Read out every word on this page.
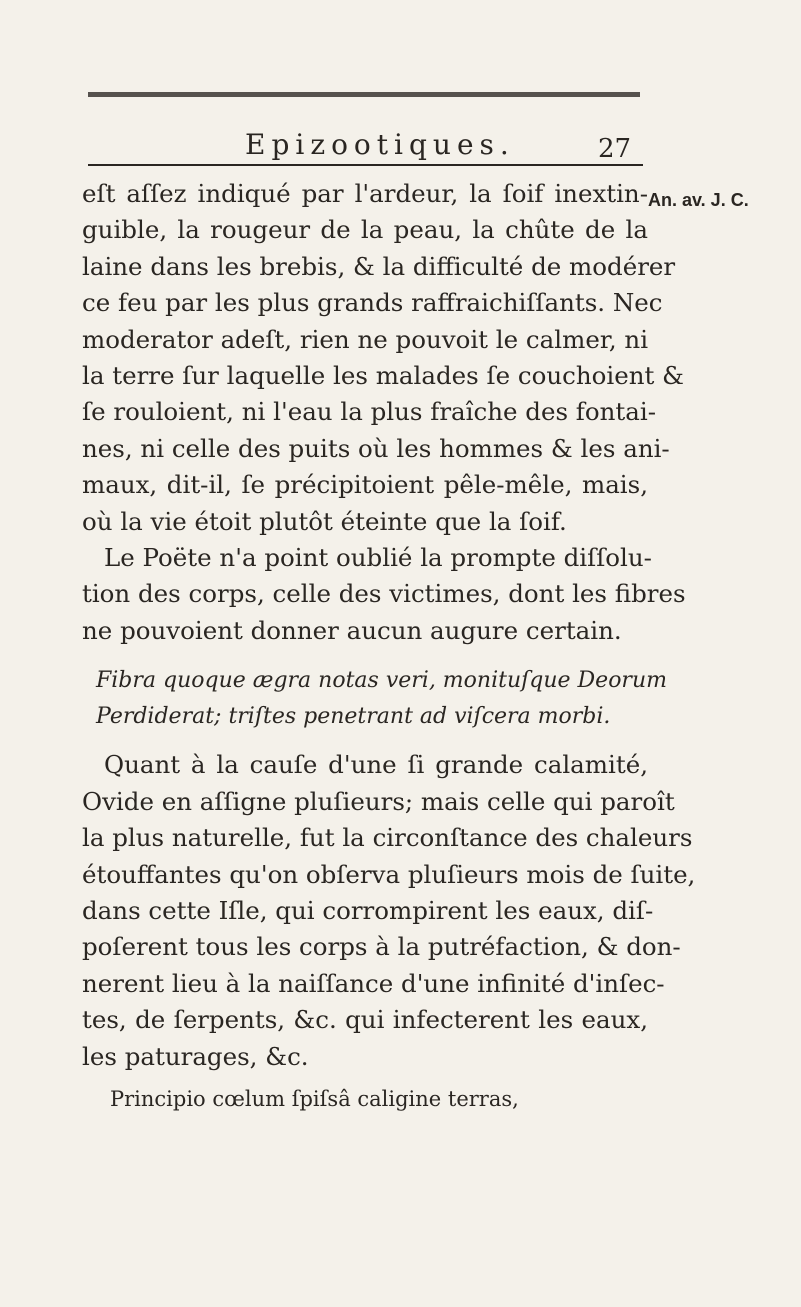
Epizootiques.	27
An. av. J. C.
eſt aſſez indiqué par l'ardeur, la ſoif inextin-
guible, la rougeur de la peau, la chûte de la
laine dans les brebis, & la difficulté de modérer
ce feu par les plus grands raffraichiſſants. Nec
moderator adeſt, rien ne pouvoit le calmer, ni
la terre ſur laquelle les malades ſe couchoient &
ſe rouloient, ni l'eau la plus fraîche des fontai-
nes, ni celle des puits où les hommes & les ani-
maux, dit-il, ſe précipitoient pêle-mêle, mais,
où la vie étoit plutôt éteinte que la ſoif.
Le Poëte n'a point oublié la prompte diſſolu-
tion des corps, celle des victimes, dont les fibres
ne pouvoient donner aucun augure certain.
Fibra quoque ægra notas veri, monituſque Deorum
Perdiderat; triſtes penetrant ad viſcera morbi.
Quant à la cauſe d'une ſi grande calamité,
Ovide en aſſigne pluſieurs; mais celle qui paroît
la plus naturelle, fut la circonſtance des chaleurs
étouffantes qu'on obſerva pluſieurs mois de ſuite,
dans cette Iſle, qui corrompirent les eaux, diſ-
poſerent tous les corps à la putréfaction, & don-
nerent lieu à la naiſſance d'une infinité d'inſec-
tes, de ſerpents, &c. qui infecterent les eaux,
les paturages, &c.
Principio cœlum ſpiſsâ caligine terras,
